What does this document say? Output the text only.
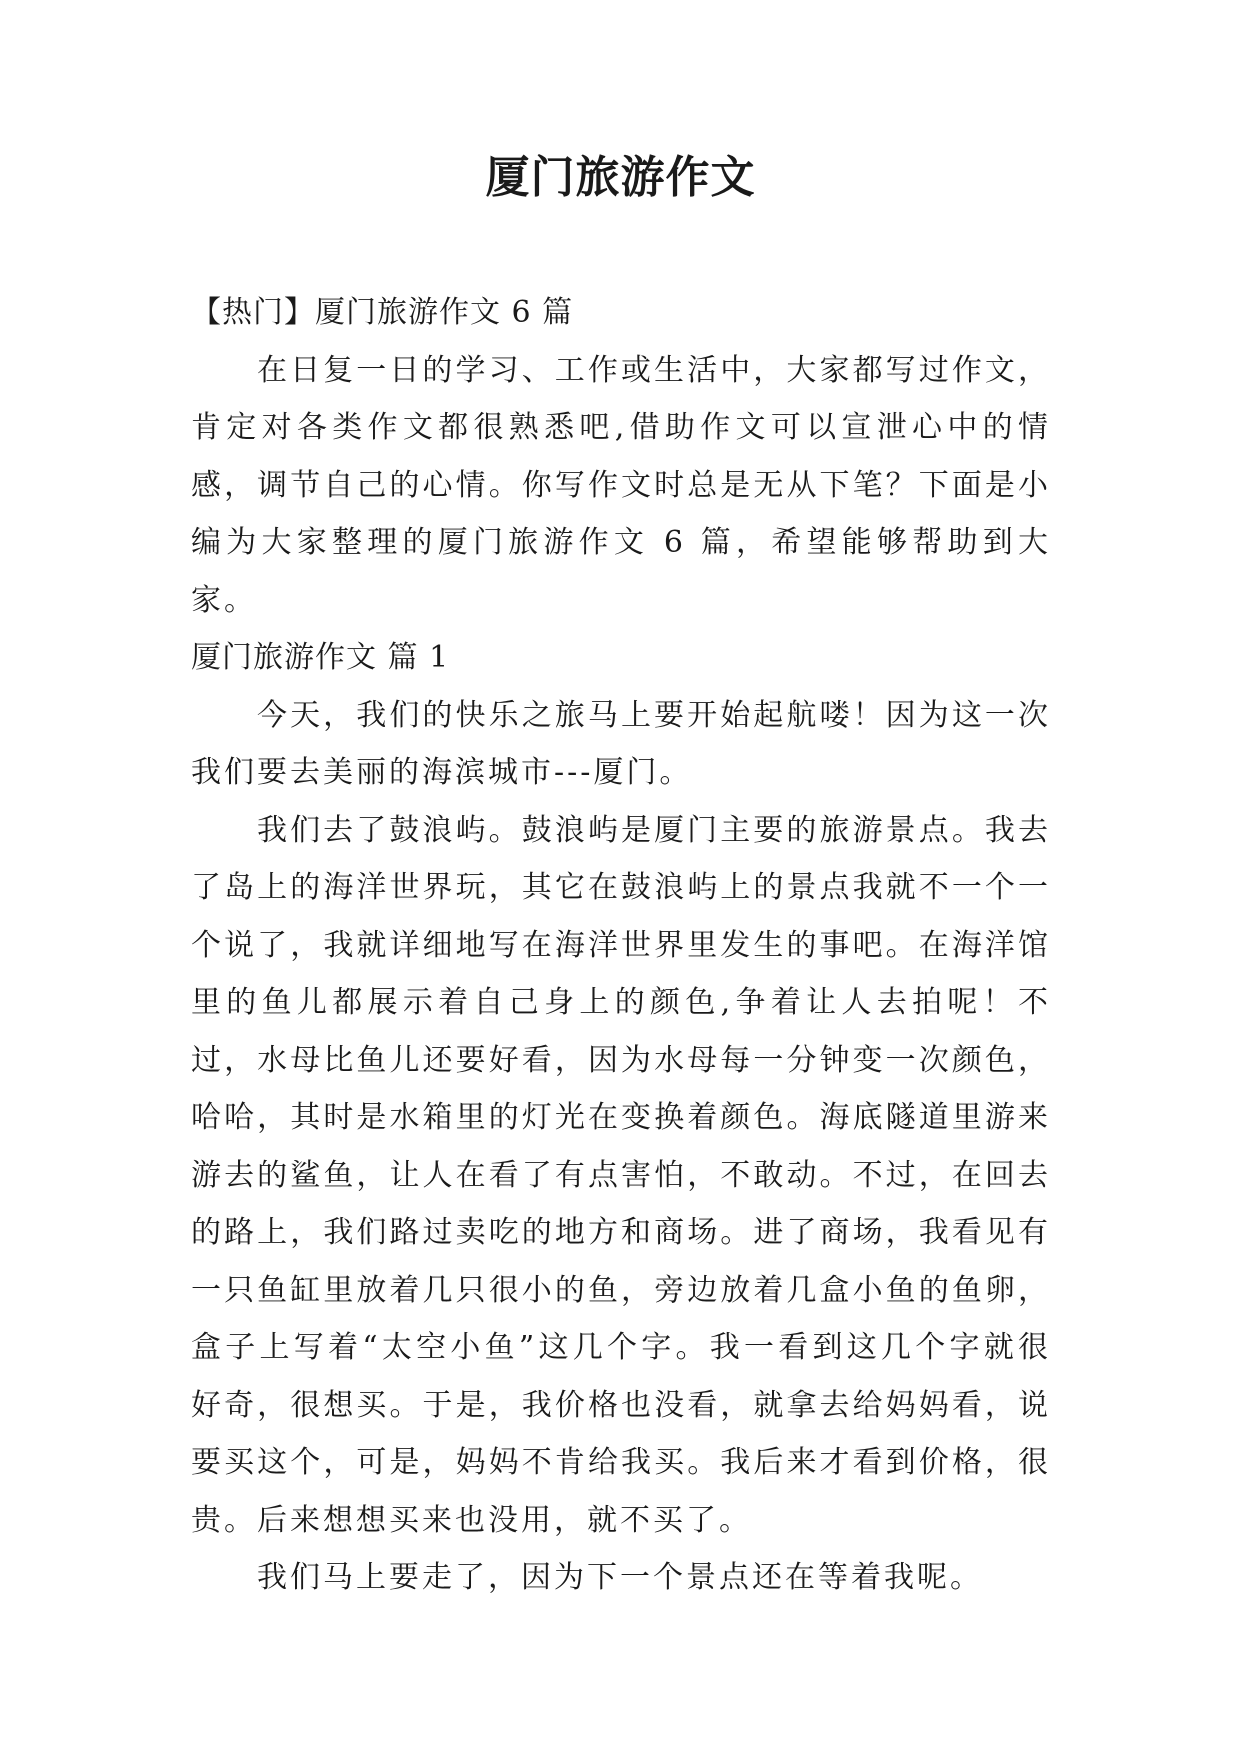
厦门旅游作文

【热门】厦门旅游作文 6 篇

在日复一日的学习、工作或生活中，大家都写过作文，肯定对各类作文都很熟悉吧,借助作文可以宣泄心中的情感，调节自己的心情。你写作文时总是无从下笔？下面是小编为大家整理的厦门旅游作文 6 篇，希望能够帮助到大家。

厦门旅游作文 篇 1

今天，我们的快乐之旅马上要开始起航喽！因为这一次我们要去美丽的海滨城市---厦门。

我们去了鼓浪屿。鼓浪屿是厦门主要的旅游景点。我去了岛上的海洋世界玩，其它在鼓浪屿上的景点我就不一个一个说了，我就详细地写在海洋世界里发生的事吧。在海洋馆里的鱼儿都展示着自己身上的颜色,争着让人去拍呢！不过，水母比鱼儿还要好看，因为水母每一分钟变一次颜色，哈哈，其时是水箱里的灯光在变换着颜色。海底隧道里游来游去的鲨鱼，让人在看了有点害怕，不敢动。不过，在回去的路上，我们路过卖吃的地方和商场。进了商场，我看见有一只鱼缸里放着几只很小的鱼，旁边放着几盒小鱼的鱼卵，盒子上写着“太空小鱼”这几个字。我一看到这几个字就很好奇，很想买。于是，我价格也没看，就拿去给妈妈看，说要买这个，可是，妈妈不肯给我买。我后来才看到价格，很贵。后来想想买来也没用，就不买了。

我们马上要走了，因为下一个景点还在等着我呢。
